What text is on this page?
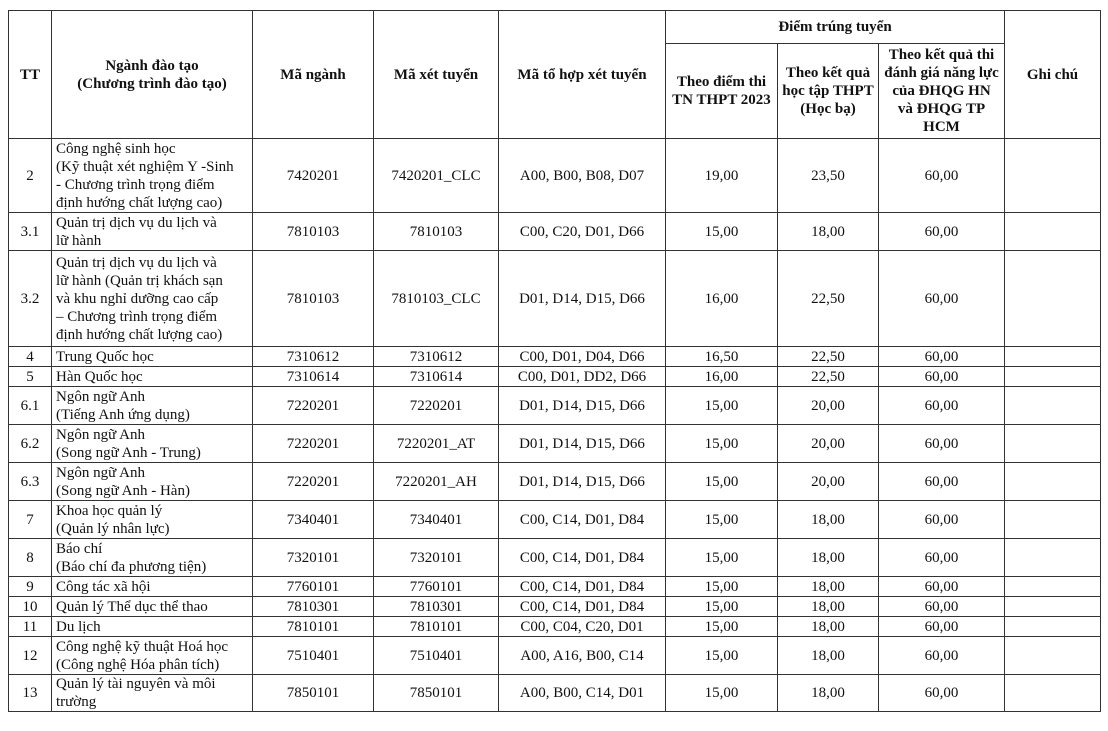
TT	Ngành đào tạo
(Chương trình đào tạo)	Mã ngành	Mã xét tuyển	Mã tổ hợp xét tuyển	Điểm trúng tuyển			Ghi chú
					Theo điểm thi TN THPT 2023	Theo kết quả học tập THPT (Học bạ)	Theo kết quả thi đánh giá năng lực của ĐHQG HN và ĐHQG TP HCM	
2	Công nghệ sinh học
(Kỹ thuật xét nghiệm Y -Sinh
- Chương trình trọng điểm
định hướng chất lượng cao)	7420201	7420201_CLC	A00, B00, B08, D07	19,00	23,50	60,00	
3.1	Quản trị dịch vụ du lịch và
lữ hành	7810103	7810103	C00, C20, D01, D66	15,00	18,00	60,00	
3.2	Quản trị dịch vụ du lịch và
lữ hành (Quản trị khách sạn
và khu nghỉ dưỡng cao cấp
– Chương trình trọng điểm
định hướng chất lượng cao)	7810103	7810103_CLC	D01, D14, D15, D66	16,00	22,50	60,00	
4	Trung Quốc học	7310612	7310612	C00, D01, D04, D66	16,50	22,50	60,00	
5	Hàn Quốc học	7310614	7310614	C00, D01, DD2, D66	16,00	22,50	60,00	
6.1	Ngôn ngữ Anh
(Tiếng Anh ứng dụng)	7220201	7220201	D01, D14, D15, D66	15,00	20,00	60,00	
6.2	Ngôn ngữ Anh
(Song ngữ Anh - Trung)	7220201	7220201_AT	D01, D14, D15, D66	15,00	20,00	60,00	
6.3	Ngôn ngữ Anh
(Song ngữ Anh - Hàn)	7220201	7220201_AH	D01, D14, D15, D66	15,00	20,00	60,00	
7	Khoa học quản lý
(Quản lý nhân lực)	7340401	7340401	C00, C14, D01, D84	15,00	18,00	60,00	
8	Báo chí
(Báo chí đa phương tiện)	7320101	7320101	C00, C14, D01, D84	15,00	18,00	60,00	
9	Công tác xã hội	7760101	7760101	C00, C14, D01, D84	15,00	18,00	60,00	
10	Quản lý Thể dục thể thao	7810301	7810301	C00, C14, D01, D84	15,00	18,00	60,00	
11	Du lịch	7810101	7810101	C00, C04, C20, D01	15,00	18,00	60,00	
12	Công nghệ kỹ thuật Hoá học
(Công nghệ Hóa phân tích)	7510401	7510401	A00, A16, B00, C14	15,00	18,00	60,00	
13	Quản lý tài nguyên và môi
trường	7850101	7850101	A00, B00, C14, D01	15,00	18,00	60,00	
